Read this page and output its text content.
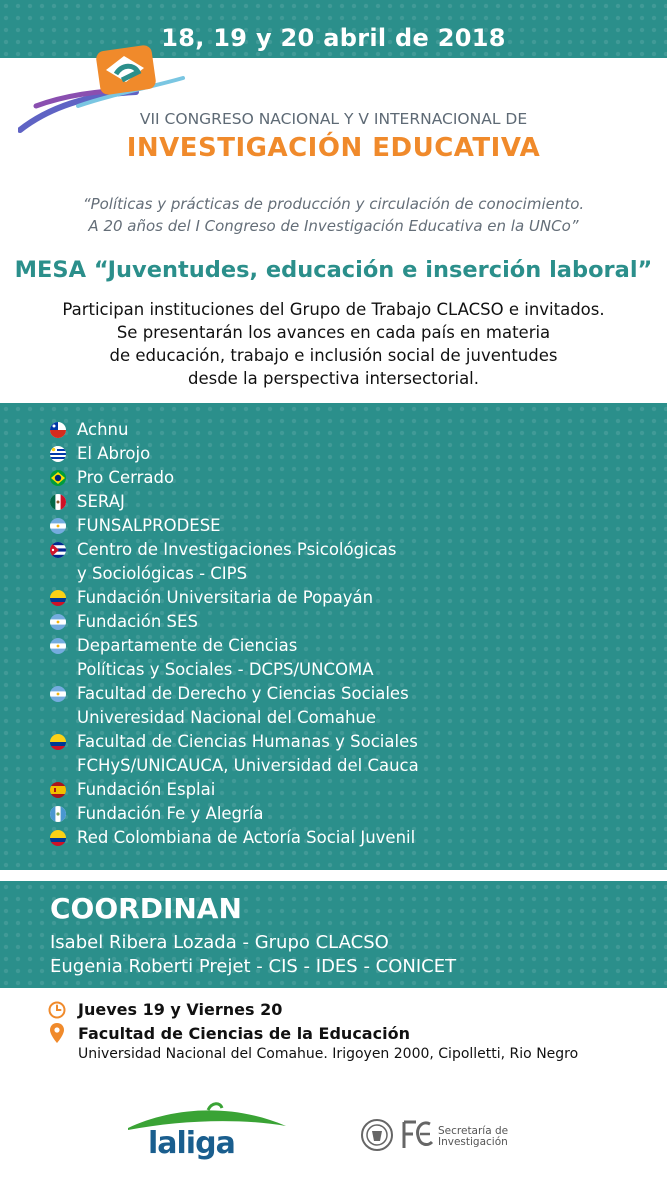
18, 19 y 20 abril de 2018
VII CONGRESO NACIONAL Y V INTERNACIONAL DE
INVESTIGACIÓN EDUCATIVA
“Políticas y prácticas de producción y circulación de conocimiento.
A 20 años del I Congreso de Investigación Educativa en la UNCo”
MESA “Juventudes, educación e inserción laboral”
Participan instituciones del Grupo de Trabajo CLACSO e invitados.
Se presentarán los avances en cada país en materia
de educación, trabajo e inclusión social de juventudes
desde la perspectiva intersectorial.
Achnu
El Abrojo
Pro Cerrado
SERAJ
FUNSALPRODESE
Centro de Investigaciones Psicológicas
y Sociológicas - CIPS
Fundación Universitaria de Popayán
Fundación SES
Departamente de Ciencias
Políticas y Sociales - DCPS/UNCOMA
Facultad de Derecho y Ciencias Sociales
Univeresidad Nacional del Comahue
Facultad de Ciencias Humanas y Sociales
FCHyS/UNICAUCA, Universidad del Cauca
Fundación Esplai
Fundación Fe y Alegría
Red Colombiana de Actoría Social Juvenil
COORDINAN
Isabel Ribera Lozada - Grupo CLACSO
Eugenia Roberti Prejet - CIS - IDES - CONICET
Jueves 19 y Viernes 20
Facultad de Ciencias de la Educación
Universidad Nacional del Comahue. Irigoyen 2000, Cipolletti, Rio Negro
laliga	Secretaría de
Investigación
